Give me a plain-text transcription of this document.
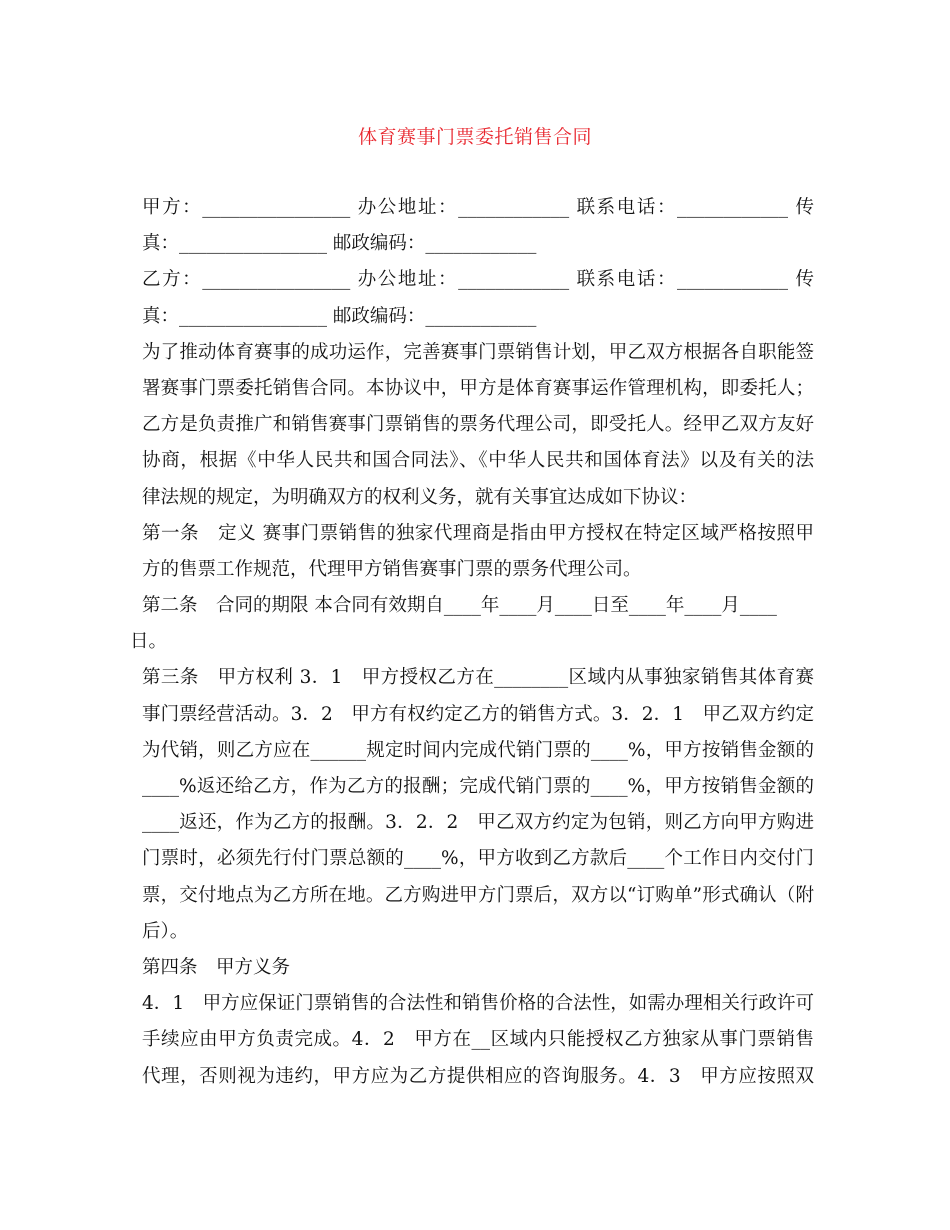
体育赛事门票委托销售合同
甲方：________________ 办公地址：____________ 联系电话：____________ 传
真：________________ 邮政编码：____________
乙方：________________ 办公地址：____________ 联系电话：____________ 传
真：________________ 邮政编码：____________
为了推动体育赛事的成功运作，完善赛事门票销售计划，甲乙双方根据各自职能签
署赛事门票委托销售合同。本协议中，甲方是体育赛事运作管理机构，即委托人；
乙方是负责推广和销售赛事门票销售的票务代理公司，即受托人。经甲乙双方友好
协商，根据《中华人民共和国合同法》、《中华人民共和国体育法》以及有关的法
律法规的规定，为明确双方的权利义务，就有关事宜达成如下协议：
第一条　定义 赛事门票销售的独家代理商是指由甲方授权在特定区域严格按照甲
方的售票工作规范，代理甲方销售赛事门票的票务代理公司。
第二条　合同的期限 本合同有效期自____年____月____日至____年____月____
日。
第三条　甲方权利 3．1　甲方授权乙方在________区域内从事独家销售其体育赛
事门票经营活动。3．2　甲方有权约定乙方的销售方式。3．2．1　甲乙双方约定
为代销，则乙方应在______规定时间内完成代销门票的____%，甲方按销售金额的
____%返还给乙方，作为乙方的报酬；完成代销门票的____%，甲方按销售金额的
____返还，作为乙方的报酬。3．2．2　甲乙双方约定为包销，则乙方向甲方购进
门票时，必须先行付门票总额的____%，甲方收到乙方款后____个工作日内交付门
票，交付地点为乙方所在地。乙方购进甲方门票后，双方以“订购单”形式确认（附
后）。
第四条　甲方义务
4．1　甲方应保证门票销售的合法性和销售价格的合法性，如需办理相关行政许可
手续应由甲方负责完成。4．2　甲方在__区域内只能授权乙方独家从事门票销售
代理，否则视为违约，甲方应为乙方提供相应的咨询服务。4．3　甲方应按照双
